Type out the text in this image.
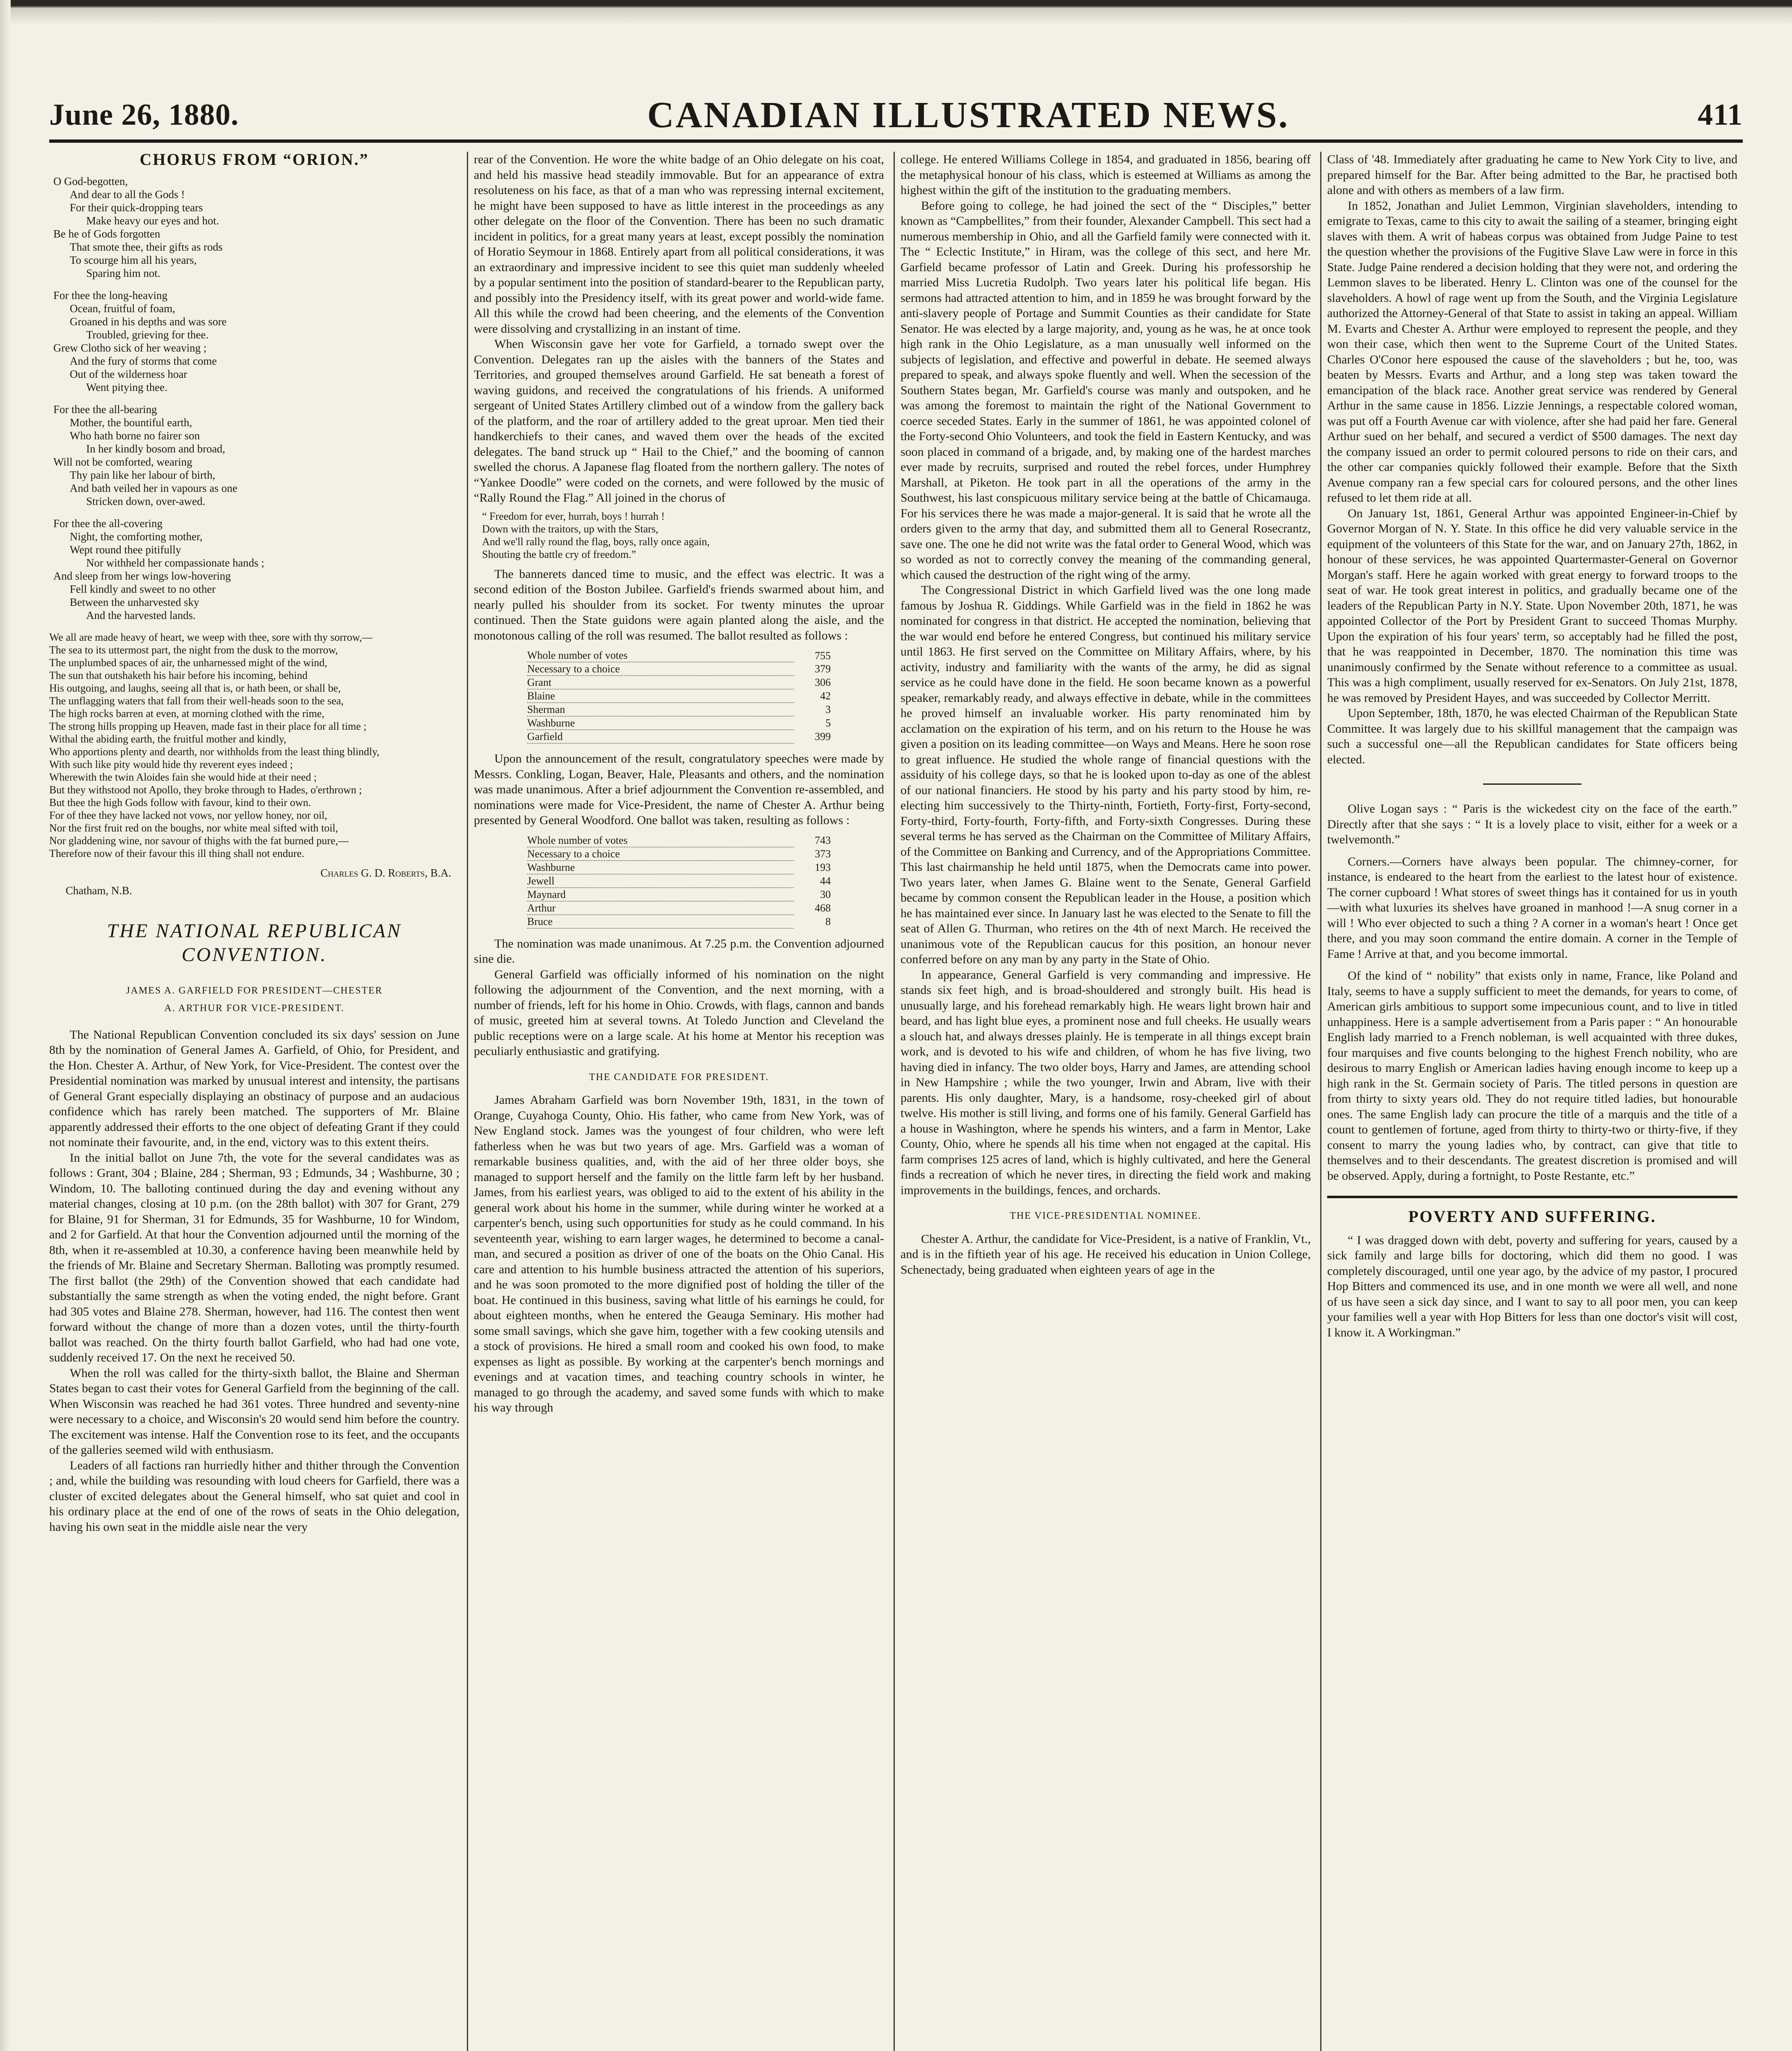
June 26, 1880.	CANADIAN ILLUSTRATED NEWS.	411

CHORUS FROM “ORION.”

O God-begotten,
And dear to all the Gods !
For their quick-dropping tears
Make heavy our eyes and hot.
Be he of Gods forgotten
That smote thee, their gifts as rods
To scourge him all his years,
Sparing him not.
For thee the long-heaving
Ocean, fruitful of foam,
Groaned in his depths and was sore
Troubled, grieving for thee.
Grew Clotho sick of her weaving ;
And the fury of storms that come
Out of the wilderness hoar
Went pitying thee.
For thee the all-bearing
Mother, the bountiful earth,
Who hath borne no fairer son
In her kindly bosom and broad,
Will not be comforted, wearing
Thy pain like her labour of birth,
And bath veiled her in vapours as one
Stricken down, over-awed.
For thee the all-covering
Night, the comforting mother,
Wept round thee pitifully
Nor withheld her compassionate hands ;
And sleep from her wings low-hovering
Fell kindly and sweet to no other
Between the unharvested sky
And the harvested lands.
We all are made heavy of heart, we weep with thee, sore with thy sorrow,—
The sea to its uttermost part, the night from the dusk to the morrow,
The unplumbed spaces of air, the unharnessed might of the wind,
The sun that outshaketh his hair before his incoming, behind
His outgoing, and laughs, seeing all that is, or hath been, or shall be,
The unflagging waters that fall from their well-heads soon to the sea,
The high rocks barren at even, at morning clothed with the rime,
The strong hills propping up Heaven, made fast in their place for all time ;
Withal the abiding earth, the fruitful mother and kindly,
Who apportions plenty and dearth, nor withholds from the least thing blindly,
With such like pity would hide thy reverent eyes indeed ;
Wherewith the twin Aloides fain she would hide at their need ;
But they withstood not Apollo, they broke through to Hades, o'erthrown ;
But thee the high Gods follow with favour, kind to their own.
For of thee they have lacked not vows, nor yellow honey, nor oil,
Nor the first fruit red on the boughs, nor white meal sifted with toil,
Nor gladdening wine, nor savour of thighs with the fat burned pure,—
Therefore now of their favour this ill thing shall not endure.
Charles G. D. Roberts, B.A.
Chatham, N.B.
THE NATIONAL REPUBLICAN CONVENTION.
JAMES A. GARFIELD FOR PRESIDENT—CHESTER
A. ARTHUR FOR VICE-PRESIDENT.

The National Republican Convention concluded its six days' session on June 8th by the nomination of General James A. Garfield, of Ohio, for President, and the Hon. Chester A. Arthur, of New York, for Vice-President. The contest over the Presidential nomination was marked by unusual interest and intensity, the partisans of General Grant especially displaying an obstinacy of purpose and an audacious confidence which has rarely been matched. The supporters of Mr. Blaine apparently addressed their efforts to the one object of defeating Grant if they could not nominate their favourite, and, in the end, victory was to this extent theirs.

In the initial ballot on June 7th, the vote for the several candidates was as follows : Grant, 304 ; Blaine, 284 ; Sherman, 93 ; Edmunds, 34 ; Washburne, 30 ; Windom, 10. The balloting continued during the day and evening without any material changes, closing at 10 p.m. (on the 28th ballot) with 307 for Grant, 279 for Blaine, 91 for Sherman, 31 for Edmunds, 35 for Washburne, 10 for Windom, and 2 for Garfield. At that hour the Convention adjourned until the morning of the 8th, when it re-assembled at 10.30, a conference having been meanwhile held by the friends of Mr. Blaine and Secretary Sherman. Balloting was promptly resumed. The first ballot (the 29th) of the Convention showed that each candidate had substantially the same strength as when the voting ended, the night before. Grant had 305 votes and Blaine 278. Sherman, however, had 116. The contest then went forward without the change of more than a dozen votes, until the thirty-fourth ballot was reached. On the thirty fourth ballot Garfield, who had had one vote, suddenly received 17. On the next he received 50.

When the roll was called for the thirty-sixth ballot, the Blaine and Sherman States began to cast their votes for General Garfield from the beginning of the call. When Wisconsin was reached he had 361 votes. Three hundred and seventy-nine were necessary to a choice, and Wisconsin's 20 would send him before the country. The excitement was intense. Half the Convention rose to its feet, and the occupants of the galleries seemed wild with enthusiasm.

Leaders of all factions ran hurriedly hither and thither through the Convention ; and, while the building was resounding with loud cheers for Garfield, there was a cluster of excited delegates about the General himself, who sat quiet and cool in his ordinary place at the end of one of the rows of seats in the Ohio delegation, having his own seat in the middle aisle near the very

rear of the Convention. He wore the white badge of an Ohio delegate on his coat, and held his massive head steadily immovable. But for an appearance of extra resoluteness on his face, as that of a man who was repressing internal excitement, he might have been supposed to have as little interest in the proceedings as any other delegate on the floor of the Convention. There has been no such dramatic incident in politics, for a great many years at least, except possibly the nomination of Horatio Seymour in 1868. Entirely apart from all political considerations, it was an extraordinary and impressive incident to see this quiet man suddenly wheeled by a popular sentiment into the position of standard-bearer to the Republican party, and possibly into the Presidency itself, with its great power and world-wide fame. All this while the crowd had been cheering, and the elements of the Convention were dissolving and crystallizing in an instant of time.

When Wisconsin gave her vote for Garfield, a tornado swept over the Convention. Delegates ran up the aisles with the banners of the States and Territories, and grouped themselves around Garfield. He sat beneath a forest of waving guidons, and received the congratulations of his friends. A uniformed sergeant of United States Artillery climbed out of a window from the gallery back of the platform, and the roar of artillery added to the great uproar. Men tied their handkerchiefs to their canes, and waved them over the heads of the excited delegates. The band struck up “ Hail to the Chief,” and the booming of cannon swelled the chorus. A Japanese flag floated from the northern gallery. The notes of “Yankee Doodle” were coded on the cornets, and were followed by the music of “Rally Round the Flag.” All joined in the chorus of

“ Freedom for ever, hurrah, boys ! hurrah !
Down with the traitors, up with the Stars,
And we'll rally round the flag, boys, rally once again,
Shouting the battle cry of freedom.”

The bannerets danced time to music, and the effect was electric. It was a second edition of the Boston Jubilee. Garfield's friends swarmed about him, and nearly pulled his shoulder from its socket. For twenty minutes the uproar continued. Then the State guidons were again planted along the aisle, and the monotonous calling of the roll was resumed. The ballot resulted as follows :

Whole number of votes	755
Necessary to a choice	379
Grant	306
Blaine	42
Sherman	3
Washburne	5
Garfield	399

Upon the announcement of the result, congratulatory speeches were made by Messrs. Conkling, Logan, Beaver, Hale, Pleasants and others, and the nomination was made unanimous. After a brief adjournment the Convention re-assembled, and nominations were made for Vice-President, the name of Chester A. Arthur being presented by General Woodford. One ballot was taken, resulting as follows :

Whole number of votes	743
Necessary to a choice	373
Washburne	193
Jewell	44
Maynard	30
Arthur	468
Bruce	8

The nomination was made unanimous. At 7.25 p.m. the Convention adjourned sine die.

General Garfield was officially informed of his nomination on the night following the adjournment of the Convention, and the next morning, with a number of friends, left for his home in Ohio. Crowds, with flags, cannon and bands of music, greeted him at several towns. At Toledo Junction and Cleveland the public receptions were on a large scale. At his home at Mentor his reception was peculiarly enthusiastic and gratifying.

THE CANDIDATE FOR PRESIDENT.

James Abraham Garfield was born November 19th, 1831, in the town of Orange, Cuyahoga County, Ohio. His father, who came from New York, was of New England stock. James was the youngest of four children, who were left fatherless when he was but two years of age. Mrs. Garfield was a woman of remarkable business qualities, and, with the aid of her three older boys, she managed to support herself and the family on the little farm left by her husband. James, from his earliest years, was obliged to aid to the extent of his ability in the general work about his home in the summer, while during winter he worked at a carpenter's bench, using such opportunities for study as he could command. In his seventeenth year, wishing to earn larger wages, he determined to become a canal-man, and secured a position as driver of one of the boats on the Ohio Canal. His care and attention to his humble business attracted the attention of his superiors, and he was soon promoted to the more dignified post of holding the tiller of the boat. He continued in this business, saving what little of his earnings he could, for about eighteen months, when he entered the Geauga Seminary. His mother had some small savings, which she gave him, together with a few cooking utensils and a stock of provisions. He hired a small room and cooked his own food, to make expenses as light as possible. By working at the carpenter's bench mornings and evenings and at vacation times, and teaching country schools in winter, he managed to go through the academy, and saved some funds with which to make his way through

college. He entered Williams College in 1854, and graduated in 1856, bearing off the metaphysical honour of his class, which is esteemed at Williams as among the highest within the gift of the institution to the graduating members.

Before going to college, he had joined the sect of the “ Disciples,” better known as “Campbellites,” from their founder, Alexander Campbell. This sect had a numerous membership in Ohio, and all the Garfield family were connected with it. The “ Eclectic Institute,” in Hiram, was the college of this sect, and here Mr. Garfield became professor of Latin and Greek. During his professorship he married Miss Lucretia Rudolph. Two years later his political life began. His sermons had attracted attention to him, and in 1859 he was brought forward by the anti-slavery people of Portage and Summit Counties as their candidate for State Senator. He was elected by a large majority, and, young as he was, he at once took high rank in the Ohio Legislature, as a man unusually well informed on the subjects of legislation, and effective and powerful in debate. He seemed always prepared to speak, and always spoke fluently and well. When the secession of the Southern States began, Mr. Garfield's course was manly and outspoken, and he was among the foremost to maintain the right of the National Government to coerce seceded States. Early in the summer of 1861, he was appointed colonel of the Forty-second Ohio Volunteers, and took the field in Eastern Kentucky, and was soon placed in command of a brigade, and, by making one of the hardest marches ever made by recruits, surprised and routed the rebel forces, under Humphrey Marshall, at Piketon. He took part in all the operations of the army in the Southwest, his last conspicuous military service being at the battle of Chicamauga. For his services there he was made a major-general. It is said that he wrote all the orders given to the army that day, and submitted them all to General Rosecrantz, save one. The one he did not write was the fatal order to General Wood, which was so worded as not to correctly convey the meaning of the commanding general, which caused the destruction of the right wing of the army.

The Congressional District in which Garfield lived was the one long made famous by Joshua R. Giddings. While Garfield was in the field in 1862 he was nominated for congress in that district. He accepted the nomination, believing that the war would end before he entered Congress, but continued his military service until 1863. He first served on the Committee on Military Affairs, where, by his activity, industry and familiarity with the wants of the army, he did as signal service as he could have done in the field. He soon became known as a powerful speaker, remarkably ready, and always effective in debate, while in the committees he proved himself an invaluable worker. His party renominated him by acclamation on the expiration of his term, and on his return to the House he was given a position on its leading committee—on Ways and Means. Here he soon rose to great influence. He studied the whole range of financial questions with the assiduity of his college days, so that he is looked upon to-day as one of the ablest of our national financiers. He stood by his party and his party stood by him, re-electing him successively to the Thirty-ninth, Fortieth, Forty-first, Forty-second, Forty-third, Forty-fourth, Forty-fifth, and Forty-sixth Congresses. During these several terms he has served as the Chairman on the Committee of Military Affairs, of the Committee on Banking and Currency, and of the Appropriations Committee. This last chairmanship he held until 1875, when the Democrats came into power. Two years later, when James G. Blaine went to the Senate, General Garfield became by common consent the Republican leader in the House, a position which he has maintained ever since. In January last he was elected to the Senate to fill the seat of Allen G. Thurman, who retires on the 4th of next March. He received the unanimous vote of the Republican caucus for this position, an honour never conferred before on any man by any party in the State of Ohio.

In appearance, General Garfield is very commanding and impressive. He stands six feet high, and is broad-shouldered and strongly built. His head is unusually large, and his forehead remarkably high. He wears light brown hair and beard, and has light blue eyes, a prominent nose and full cheeks. He usually wears a slouch hat, and always dresses plainly. He is temperate in all things except brain work, and is devoted to his wife and children, of whom he has five living, two having died in infancy. The two older boys, Harry and James, are attending school in New Hampshire ; while the two younger, Irwin and Abram, live with their parents. His only daughter, Mary, is a handsome, rosy-cheeked girl of about twelve. His mother is still living, and forms one of his family. General Garfield has a house in Washington, where he spends his winters, and a farm in Mentor, Lake County, Ohio, where he spends all his time when not engaged at the capital. His farm comprises 125 acres of land, which is highly cultivated, and here the General finds a recreation of which he never tires, in directing the field work and making improvements in the buildings, fences, and orchards.

THE VICE-PRESIDENTIAL NOMINEE.

Chester A. Arthur, the candidate for Vice-President, is a native of Franklin, Vt., and is in the fiftieth year of his age. He received his education in Union College, Schenectady, being graduated when eighteen years of age in the

Class of '48. Immediately after graduating he came to New York City to live, and prepared himself for the Bar. After being admitted to the Bar, he practised both alone and with others as members of a law firm.

In 1852, Jonathan and Juliet Lemmon, Virginian slaveholders, intending to emigrate to Texas, came to this city to await the sailing of a steamer, bringing eight slaves with them. A writ of habeas corpus was obtained from Judge Paine to test the question whether the provisions of the Fugitive Slave Law were in force in this State. Judge Paine rendered a decision holding that they were not, and ordering the Lemmon slaves to be liberated. Henry L. Clinton was one of the counsel for the slaveholders. A howl of rage went up from the South, and the Virginia Legislature authorized the Attorney-General of that State to assist in taking an appeal. William M. Evarts and Chester A. Arthur were employed to represent the people, and they won their case, which then went to the Supreme Court of the United States. Charles O'Conor here espoused the cause of the slaveholders ; but he, too, was beaten by Messrs. Evarts and Arthur, and a long step was taken toward the emancipation of the black race. Another great service was rendered by General Arthur in the same cause in 1856. Lizzie Jennings, a respectable colored woman, was put off a Fourth Avenue car with violence, after she had paid her fare. General Arthur sued on her behalf, and secured a verdict of $500 damages. The next day the company issued an order to permit coloured persons to ride on their cars, and the other car companies quickly followed their example. Before that the Sixth Avenue company ran a few special cars for coloured persons, and the other lines refused to let them ride at all.

On January 1st, 1861, General Arthur was appointed Engineer-in-Chief by Governor Morgan of N. Y. State. In this office he did very valuable service in the equipment of the volunteers of this State for the war, and on January 27th, 1862, in honour of these services, he was appointed Quartermaster-General on Governor Morgan's staff. Here he again worked with great energy to forward troops to the seat of war. He took great interest in politics, and gradually became one of the leaders of the Republican Party in N.Y. State. Upon November 20th, 1871, he was appointed Collector of the Port by President Grant to succeed Thomas Murphy. Upon the expiration of his four years' term, so acceptably had he filled the post, that he was reappointed in December, 1870. The nomination this time was unanimously confirmed by the Senate without reference to a committee as usual. This was a high compliment, usually reserved for ex-Senators. On July 21st, 1878, he was removed by President Hayes, and was succeeded by Collector Merritt.

Upon September, 18th, 1870, he was elected Chairman of the Republican State Committee. It was largely due to his skillful management that the campaign was such a successful one—all the Republican candidates for State officers being elected.

Olive Logan says : “ Paris is the wickedest city on the face of the earth.” Directly after that she says : “ It is a lovely place to visit, either for a week or a twelvemonth.”

Corners.—Corners have always been popular. The chimney-corner, for instance, is endeared to the heart from the earliest to the latest hour of existence. The corner cupboard ! What stores of sweet things has it contained for us in youth —with what luxuries its shelves have groaned in manhood !—A snug corner in a will ! Who ever objected to such a thing ? A corner in a woman's heart ! Once get there, and you may soon command the entire domain. A corner in the Temple of Fame ! Arrive at that, and you become immortal.

Of the kind of “ nobility” that exists only in name, France, like Poland and Italy, seems to have a supply sufficient to meet the demands, for years to come, of American girls ambitious to support some impecunious count, and to live in titled unhappiness. Here is a sample advertisement from a Paris paper : “ An honourable English lady married to a French nobleman, is well acquainted with three dukes, four marquises and five counts belonging to the highest French nobility, who are desirous to marry English or American ladies having enough income to keep up a high rank in the St. Germain society of Paris. The titled persons in question are from thirty to sixty years old. They do not require titled ladies, but honourable ones. The same English lady can procure the title of a marquis and the title of a count to gentlemen of fortune, aged from thirty to thirty-two or thirty-five, if they consent to marry the young ladies who, by contract, can give that title to themselves and to their descendants. The greatest discretion is promised and will be observed. Apply, during a fortnight, to Poste Restante, etc.”

POVERTY AND SUFFERING.

“ I was dragged down with debt, poverty and suffering for years, caused by a sick family and large bills for doctoring, which did them no good. I was completely discouraged, until one year ago, by the advice of my pastor, I procured Hop Bitters and commenced its use, and in one month we were all well, and none of us have seen a sick day since, and I want to say to all poor men, you can keep your families well a year with Hop Bitters for less than one doctor's visit will cost, I know it. A Workingman.”
